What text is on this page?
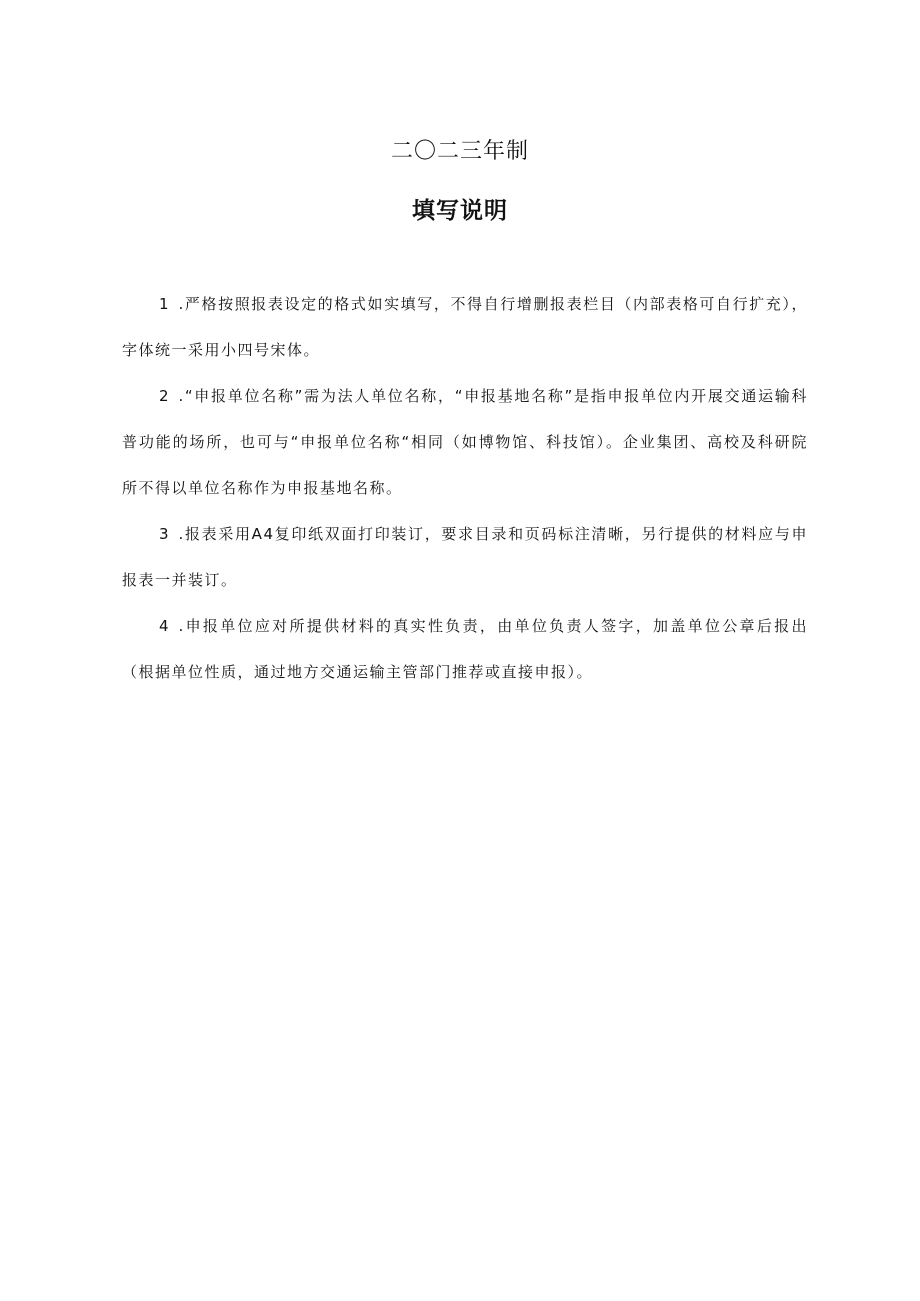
二〇二三年制
填写说明
1 .严格按照报表设定的格式如实填写，不得自行增删报表栏目（内部表格可自行扩充），字体统一采用小四号宋体。
2 .“申报单位名称”需为法人单位名称，“申报基地名称”是指申报单位内开展交通运输科普功能的场所，也可与“申报单位名称“相同（如博物馆、科技馆）。企业集团、高校及科研院所不得以单位名称作为申报基地名称。
3 .报表采用A4复印纸双面打印装订，要求目录和页码标注清晰，另行提供的材料应与申报表一并装订。
4 .申报单位应对所提供材料的真实性负责，由单位负责人签字，加盖单位公章后报出（根据单位性质，通过地方交通运输主管部门推荐或直接申报）。
